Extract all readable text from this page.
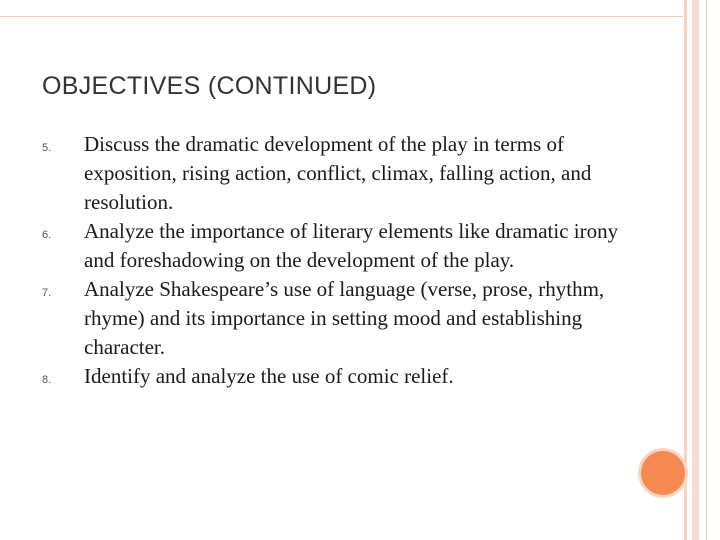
OBJECTIVES (CONTINUED)
5. Discuss the dramatic development of the play in terms of exposition, rising action, conflict, climax, falling action, and resolution.
6. Analyze the importance of literary elements like dramatic irony and foreshadowing on the development of the play.
7. Analyze Shakespeare’s use of language (verse, prose, rhythm, rhyme) and its importance in setting mood and establishing character.
8. Identify and analyze the use of comic relief.
